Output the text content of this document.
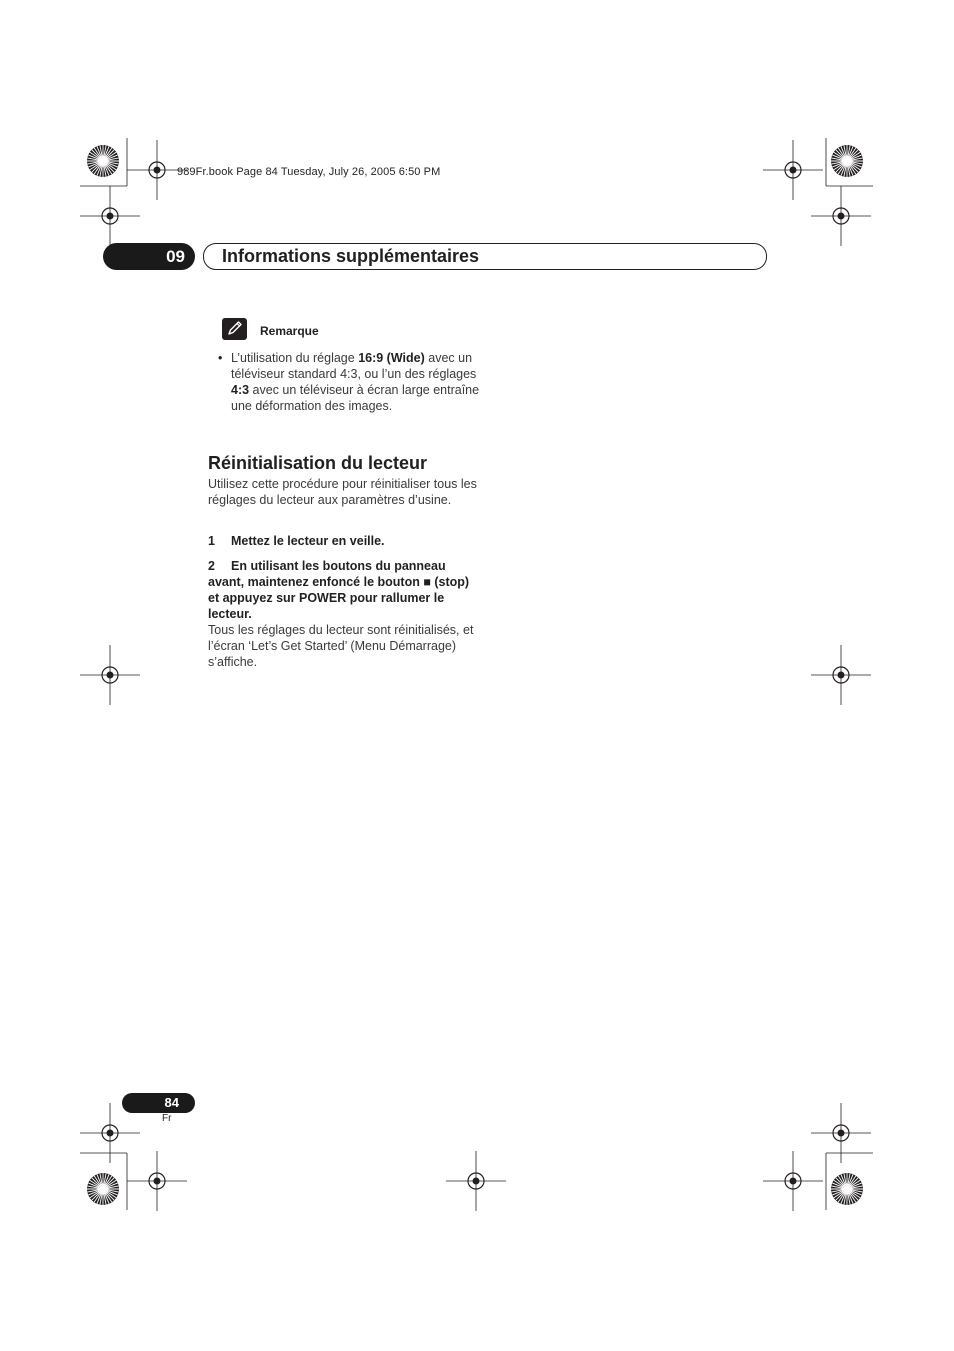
989Fr.book Page 84 Tuesday, July 26, 2005 6:50 PM
09	Informations supplémentaires
Remarque
• L’utilisation du réglage 16:9 (Wide) avec un téléviseur standard 4:3, ou l’un des réglages 4:3 avec un téléviseur à écran large entraîne une déformation des images.
Réinitialisation du lecteur
Utilisez cette procédure pour réinitialiser tous les réglages du lecteur aux paramètres d’usine.
1 Mettez le lecteur en veille.
2 En utilisant les boutons du panneau avant, maintenez enfoncé le bouton ■ (stop) et appuyez sur POWER pour rallumer le lecteur.
Tous les réglages du lecteur sont réinitialisés, et l’écran ‘Let’s Get Started’ (Menu Démarrage) s’affiche.
84
Fr
